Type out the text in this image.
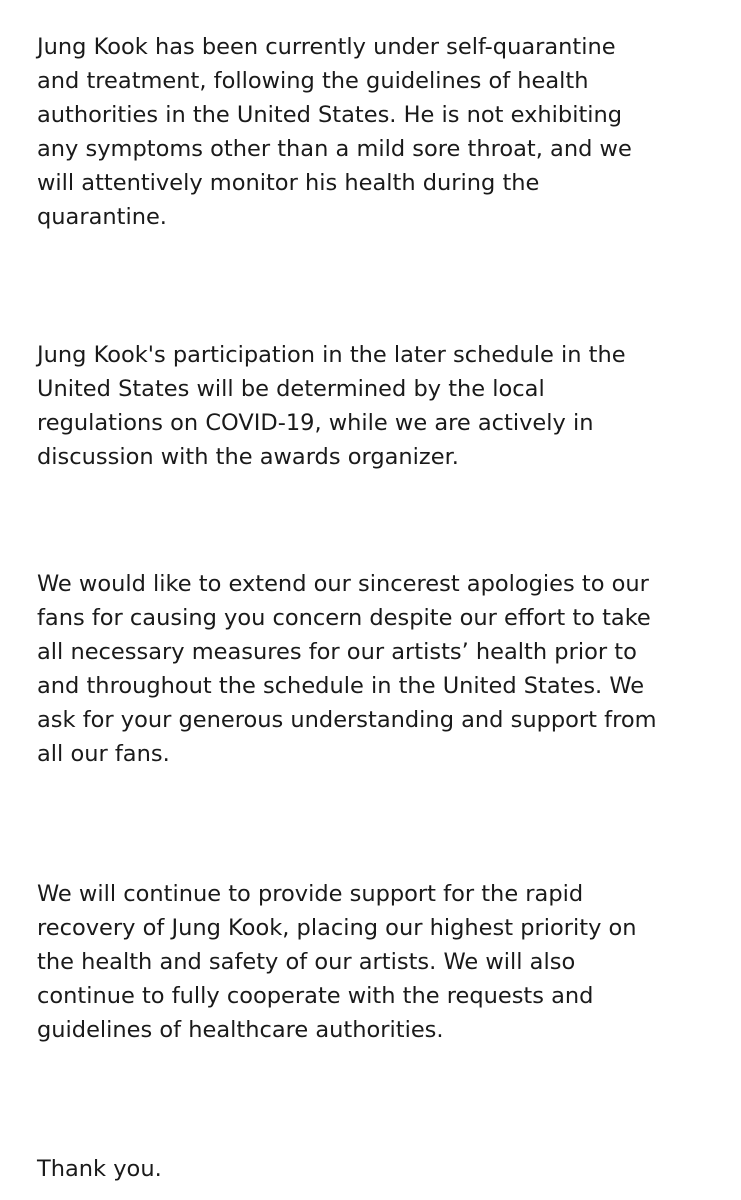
Jung Kook has been currently under self-quarantine
and treatment, following the guidelines of health
authorities in the United States. He is not exhibiting
any symptoms other than a mild sore throat, and we
will attentively monitor his health during the
quarantine.

Jung Kook's participation in the later schedule in the
United States will be determined by the local
regulations on COVID-19, while we are actively in
discussion with the awards organizer.

We would like to extend our sincerest apologies to our
fans for causing you concern despite our effort to take
all necessary measures for our artists’ health prior to
and throughout the schedule in the United States. We
ask for your generous understanding and support from
all our fans.

We will continue to provide support for the rapid
recovery of Jung Kook, placing our highest priority on
the health and safety of our artists. We will also
continue to fully cooperate with the requests and
guidelines of healthcare authorities.

Thank you.
